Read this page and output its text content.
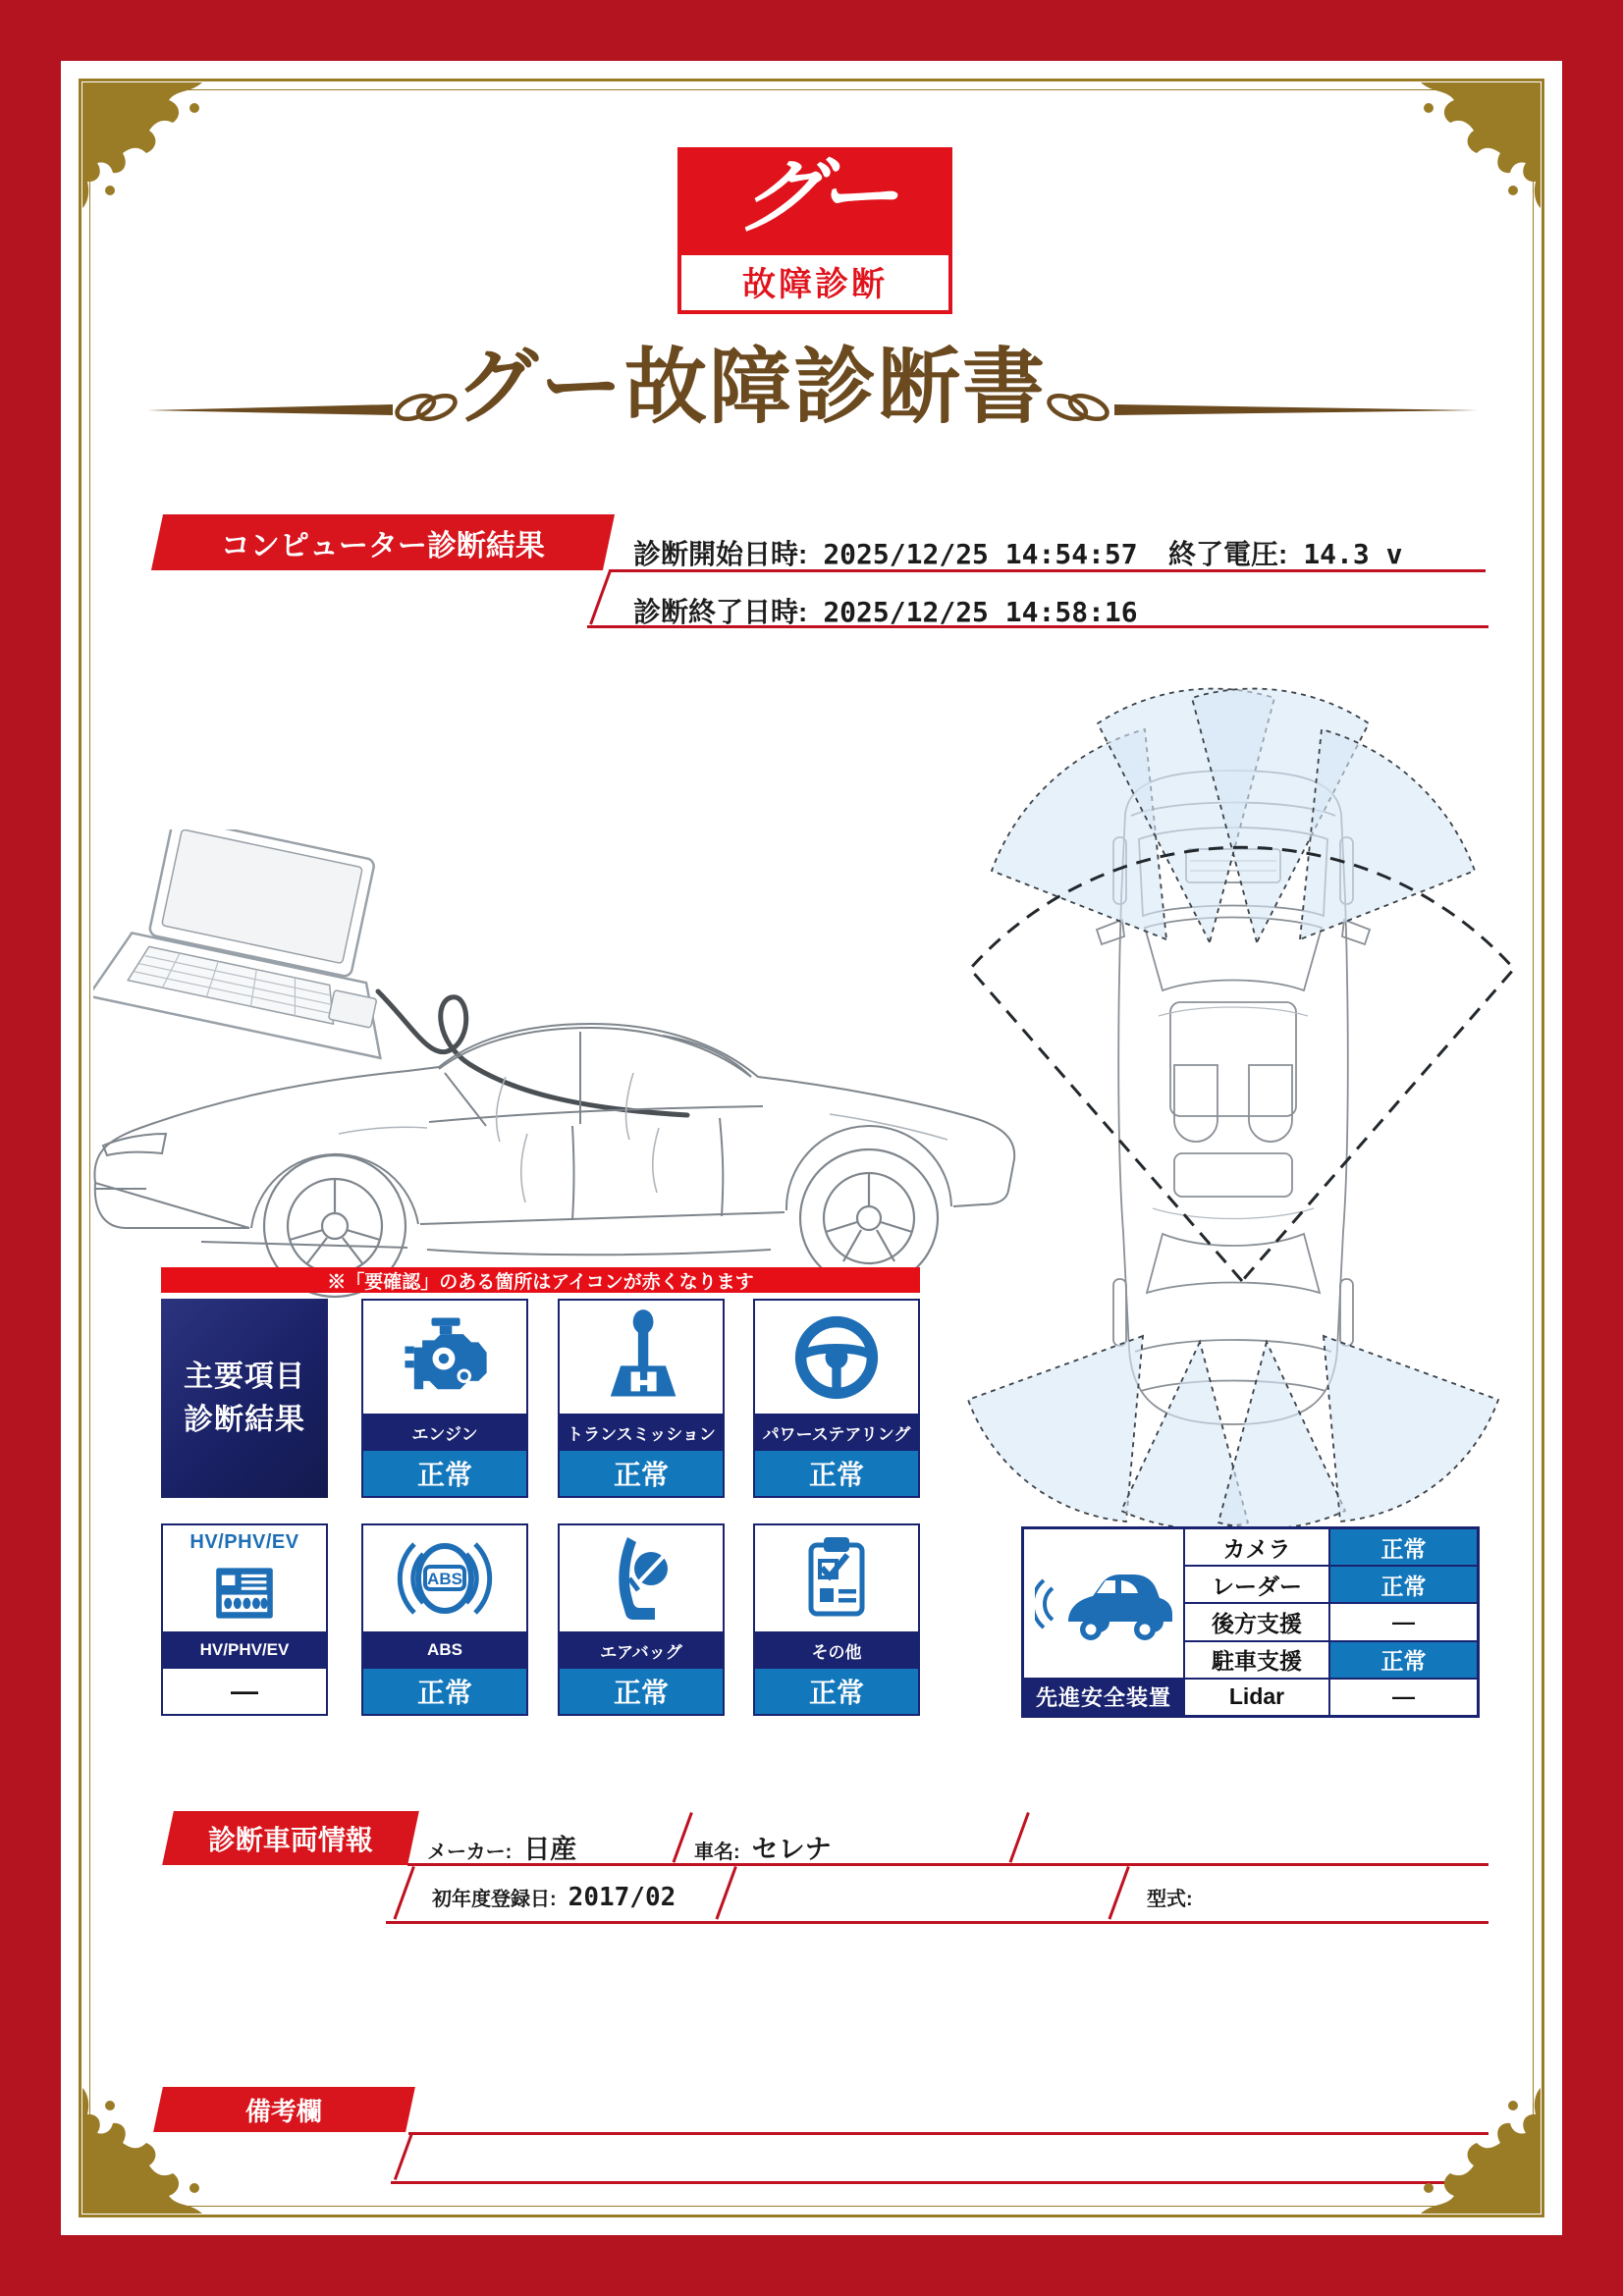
グー
故障診断
グー故障診断書
コンピューター診断結果	診断開始日時: 2025/12/25 14:54:57 終了電圧: 14.3 v
診断終了日時: 2025/12/25 14:58:16
※「要確認」のある箇所はアイコンが赤くなります
主要項目
診断結果	エンジン
正常
トランスミッション
正常
パワーステアリング
正常
HV/PHV/EV
HV/PHV/EV
—
ABS
ABS
正常
エアバッグ
正常
その他
正常	先進安全装置
カメラ	正常
レーダー	正常
後方支援	—
駐車支援	正常
Lidar	—
診断車両情報	メーカー: 日産	車名: セレナ
初年度登録日: 2017/02	型式:
備考欄
